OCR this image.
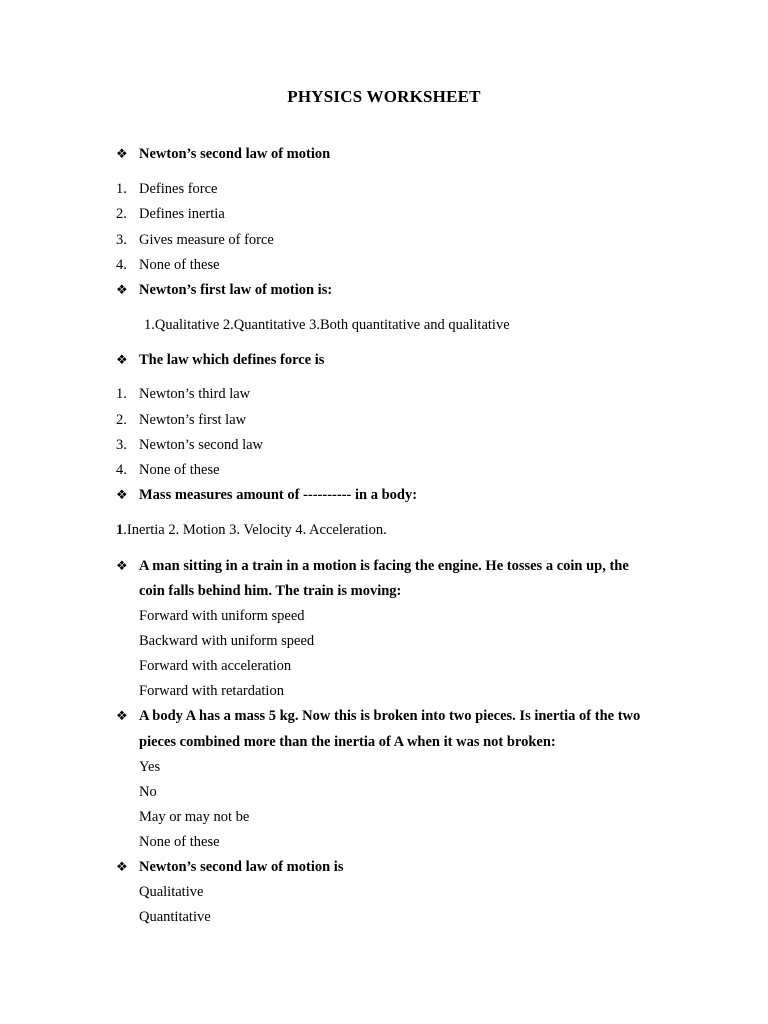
PHYSICS WORKSHEET
❖ Newton’s second law of motion
1. Defines force
2. Defines inertia
3. Gives measure of force
4. None of these
❖ Newton’s first law of motion is:
1.Qualitative 2.Quantitative 3.Both quantitative and qualitative
❖ The law which defines force is
1. Newton’s third law
2. Newton’s first law
3. Newton’s second law
4. None of these
❖ Mass measures amount of ---------- in a body:
1.Inertia 2. Motion 3. Velocity 4. Acceleration.
❖ A man sitting in a train in a motion is facing the engine. He tosses a coin up, the
coin falls behind him. The train is moving:
Forward with uniform speed
Backward with uniform speed
Forward with acceleration
Forward with retardation
❖ A body A has a mass 5 kg. Now this is broken into two pieces. Is inertia of the two
pieces combined more than the inertia of A when it was not broken:
Yes
No
May or may not be
None of these
❖ Newton’s second law of motion is
Qualitative
Quantitative
